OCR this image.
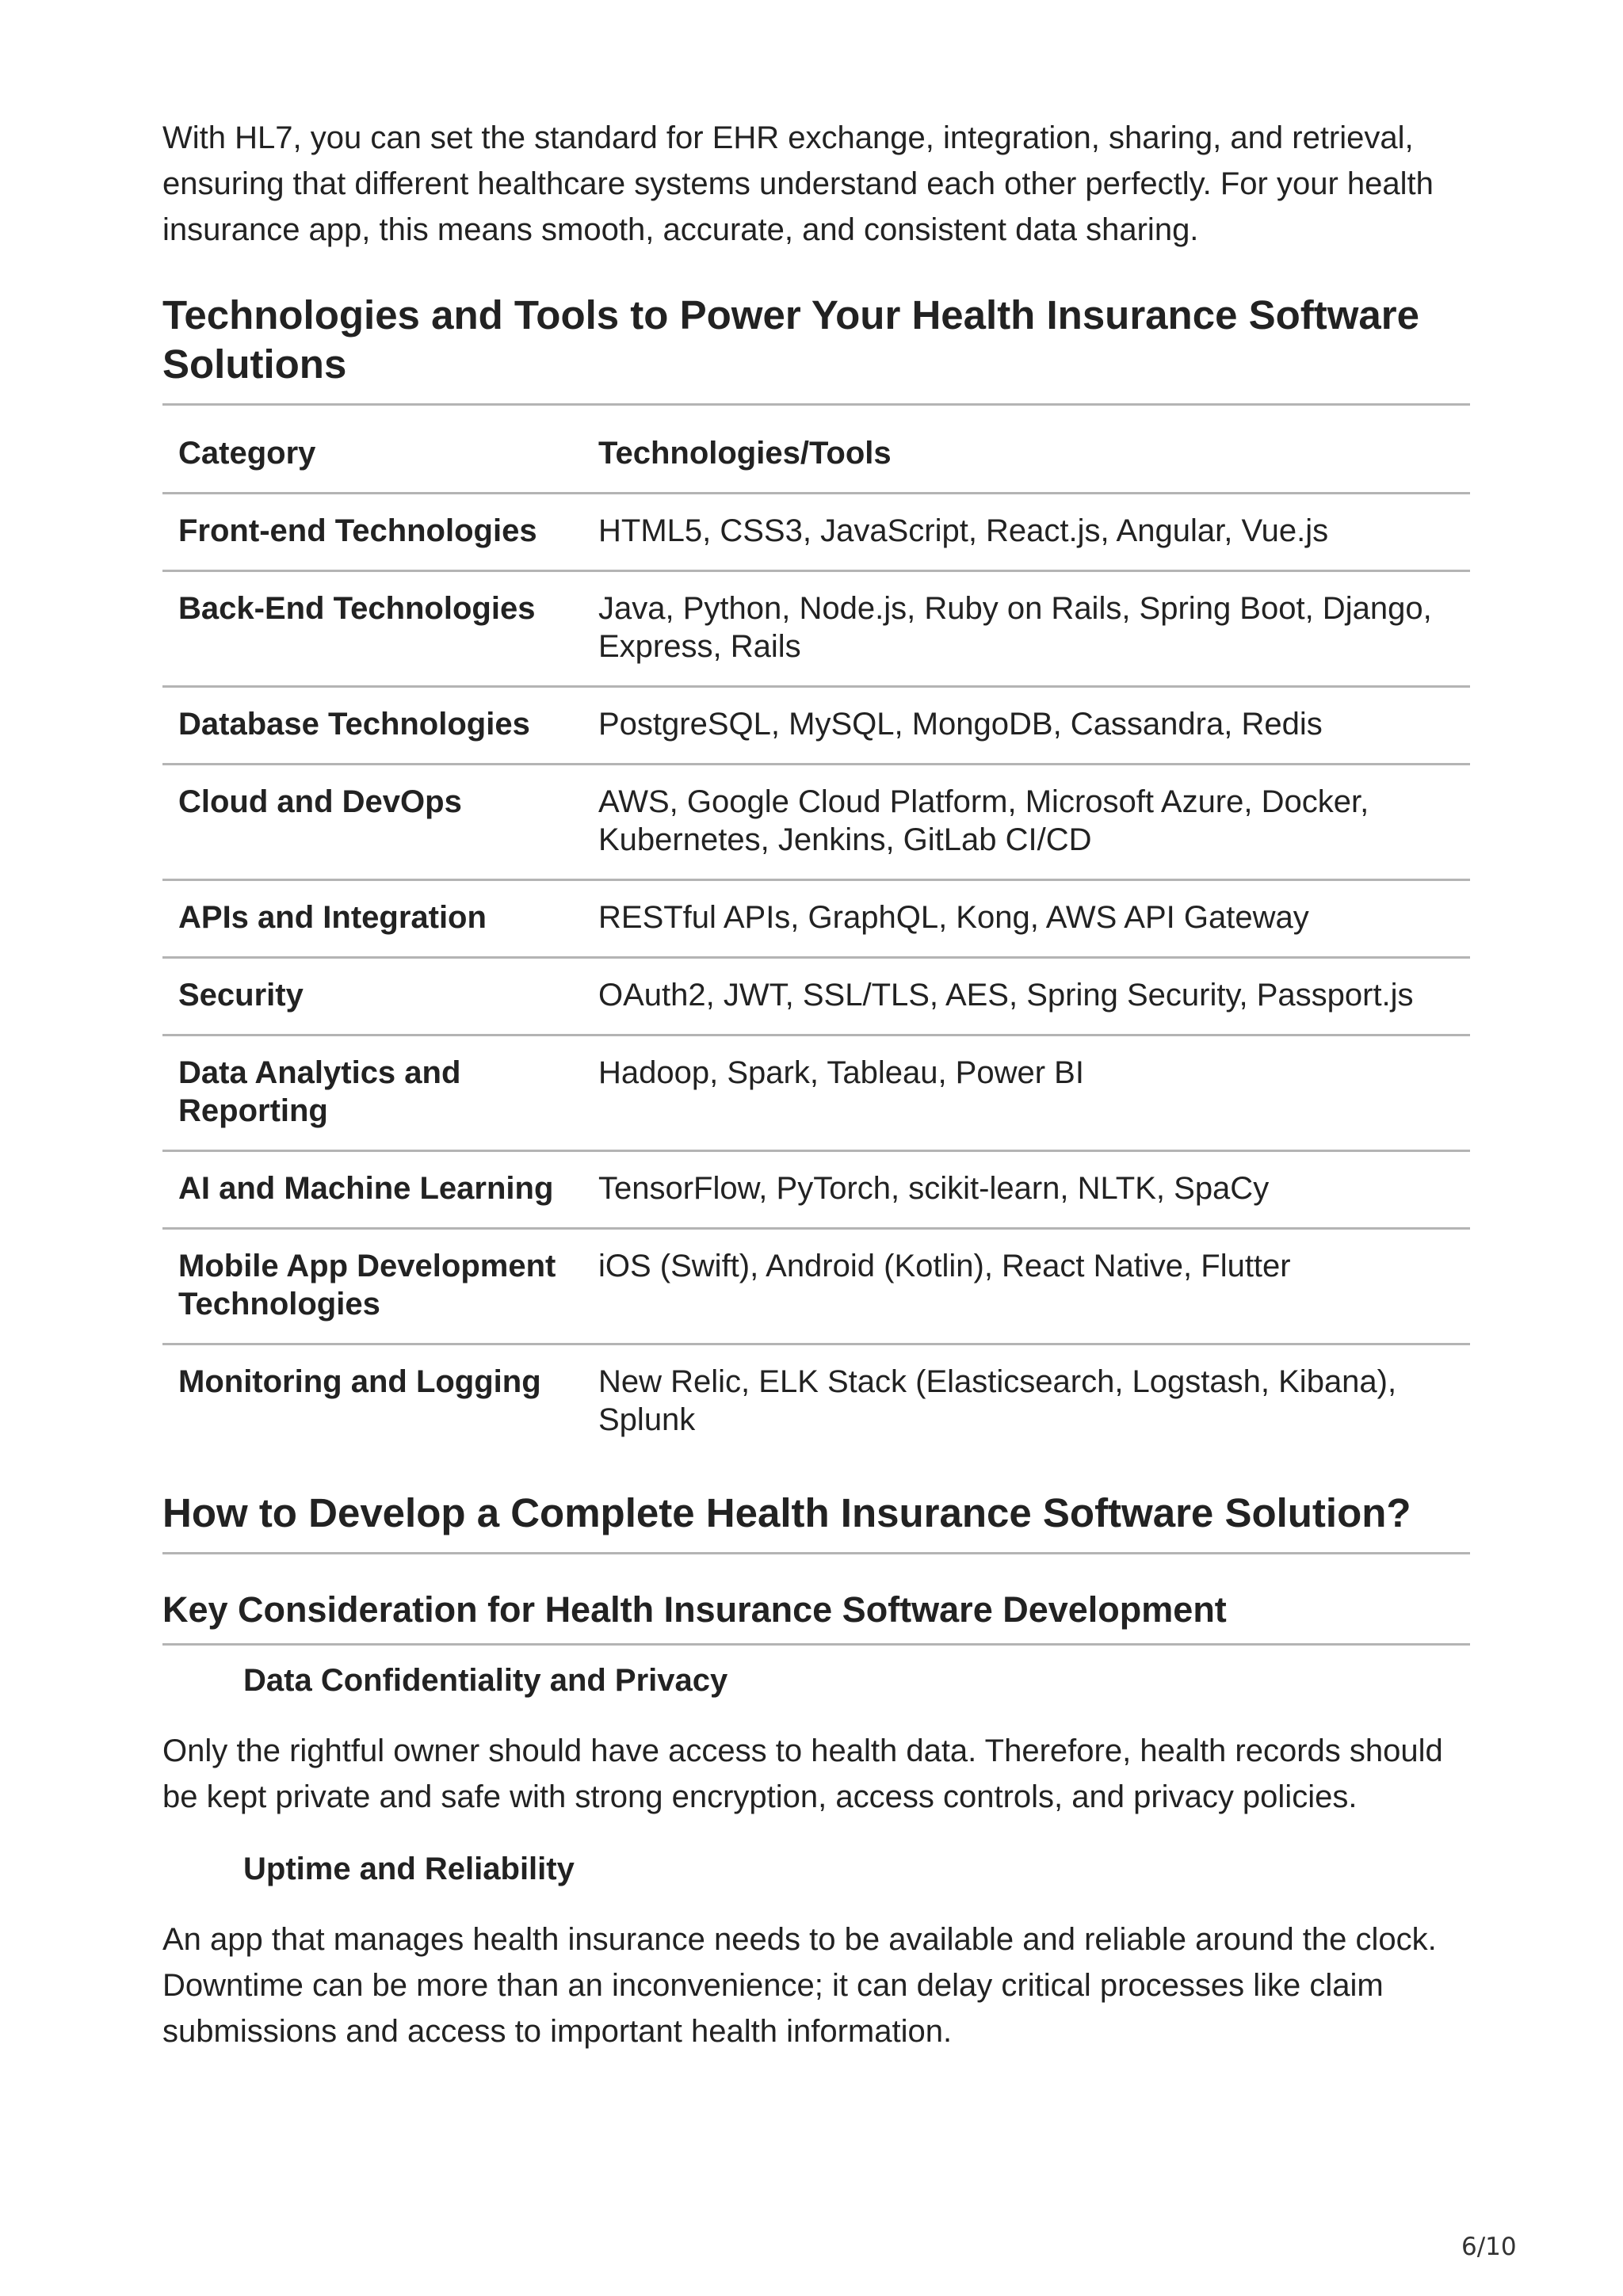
With HL7, you can set the standard for EHR exchange, integration, sharing, and retrieval, ensuring that different healthcare systems understand each other perfectly. For your health insurance app, this means smooth, accurate, and consistent data sharing.

Technologies and Tools to Power Your Health Insurance Software Solutions
Category	Technologies/Tools
Front-end Technologies	HTML5, CSS3, JavaScript, React.js, Angular, Vue.js
Back-End Technologies	Java, Python, Node.js, Ruby on Rails, Spring Boot, Django, Express, Rails
Database Technologies	PostgreSQL, MySQL, MongoDB, Cassandra, Redis
Cloud and DevOps	AWS, Google Cloud Platform, Microsoft Azure, Docker, Kubernetes, Jenkins, GitLab CI/CD
APIs and Integration	RESTful APIs, GraphQL, Kong, AWS API Gateway
Security	OAuth2, JWT, SSL/TLS, AES, Spring Security, Passport.js
Data Analytics and Reporting	Hadoop, Spark, Tableau, Power BI
AI and Machine Learning	TensorFlow, PyTorch, scikit-learn, NLTK, SpaCy
Mobile App Development Technologies	iOS (Swift), Android (Kotlin), React Native, Flutter
Monitoring and Logging	New Relic, ELK Stack (Elasticsearch, Logstash, Kibana), Splunk
How to Develop a Complete Health Insurance Software Solution?
Key Consideration for Health Insurance Software Development
Data Confidentiality and Privacy

Only the rightful owner should have access to health data. Therefore, health records should be kept private and safe with strong encryption, access controls, and privacy policies.

Uptime and Reliability

An app that manages health insurance needs to be available and reliable around the clock. Downtime can be more than an inconvenience; it can delay critical processes like claim submissions and access to important health information.

6/10
